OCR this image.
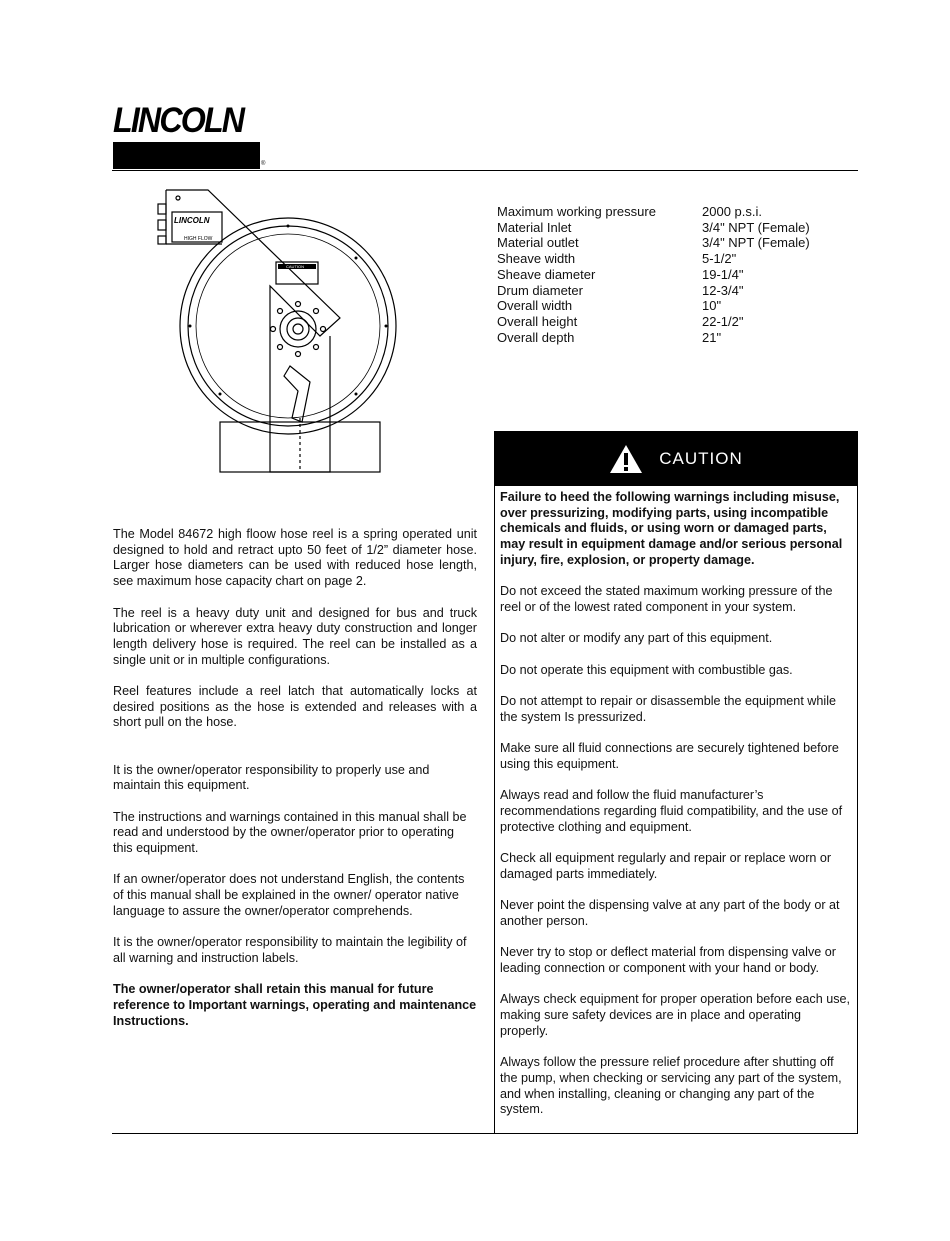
LINCOLN
®
LINCOLN
HIGH FLOW
CAUTION
Maximum working pressure	2000 p.s.i.
Material Inlet	3/4" NPT (Female)
Material outlet	3/4" NPT (Female)
Sheave width	5-1/2"
Sheave diameter	19-1/4"
Drum diameter	12-3/4"
Overall width	10"
Overall height	22-1/2"
Overall depth	21"

The Model 84672 high floow hose reel is a spring operated unit designed to hold and retract upto 50 feet of 1/2” diameter hose. Larger hose diameters can be used with reduced hose length, see maximum hose capacity chart on page 2.

The reel is a heavy duty unit and designed for bus and truck lubrication or wherever extra heavy duty construction and longer length delivery hose is required. The reel can be installed as a single unit or in multiple configurations.

Reel features include a reel latch that automatically locks at desired positions as the hose is extended and releases with a short pull on the hose.

It is the owner/operator responsibility to properly use and maintain this equipment.

The instructions and warnings contained in this manual shall be read and understood by the owner/operator prior to operating this equipment.

If an owner/operator does not understand English, the contents of this manual shall be explained in the owner/ operator native language to assure the owner/operator comprehends.

It is the owner/operator responsibility to maintain the legibility of all warning and instruction labels.

The owner/operator shall retain this manual for future reference to Important warnings, operating and maintenance Instructions.

CAUTION

Failure to heed the following warnings including misuse, over pressurizing, modifying parts, using incompatible chemicals and fluids, or using worn or damaged parts, may result in equipment damage and/or serious personal injury, fire, explosion, or property damage.

Do not exceed the stated maximum working pressure of the reel or of the lowest rated component in your system.

Do not alter or modify any part of this equipment.

Do not operate this equipment with combustible gas.

Do not attempt to repair or disassemble the equipment while the system Is pressurized.

Make sure all fluid connections are securely tightened before using this equipment.

Always read and follow the fluid manufacturer’s recommendations regarding fluid compatibility, and the use of protective clothing and equipment.

Check all equipment regularly and repair or replace worn or damaged parts immediately.

Never point the dispensing valve at any part of the body or at another person.

Never try to stop or deflect material from dispensing valve or leading connection or component with your hand or body.

Always check equipment for proper operation before each use, making sure safety devices are in place and operating properly.

Always follow the pressure relief procedure after shutting off the pump, when checking or servicing any part of the system, and when installing, cleaning or changing any part of the system.
